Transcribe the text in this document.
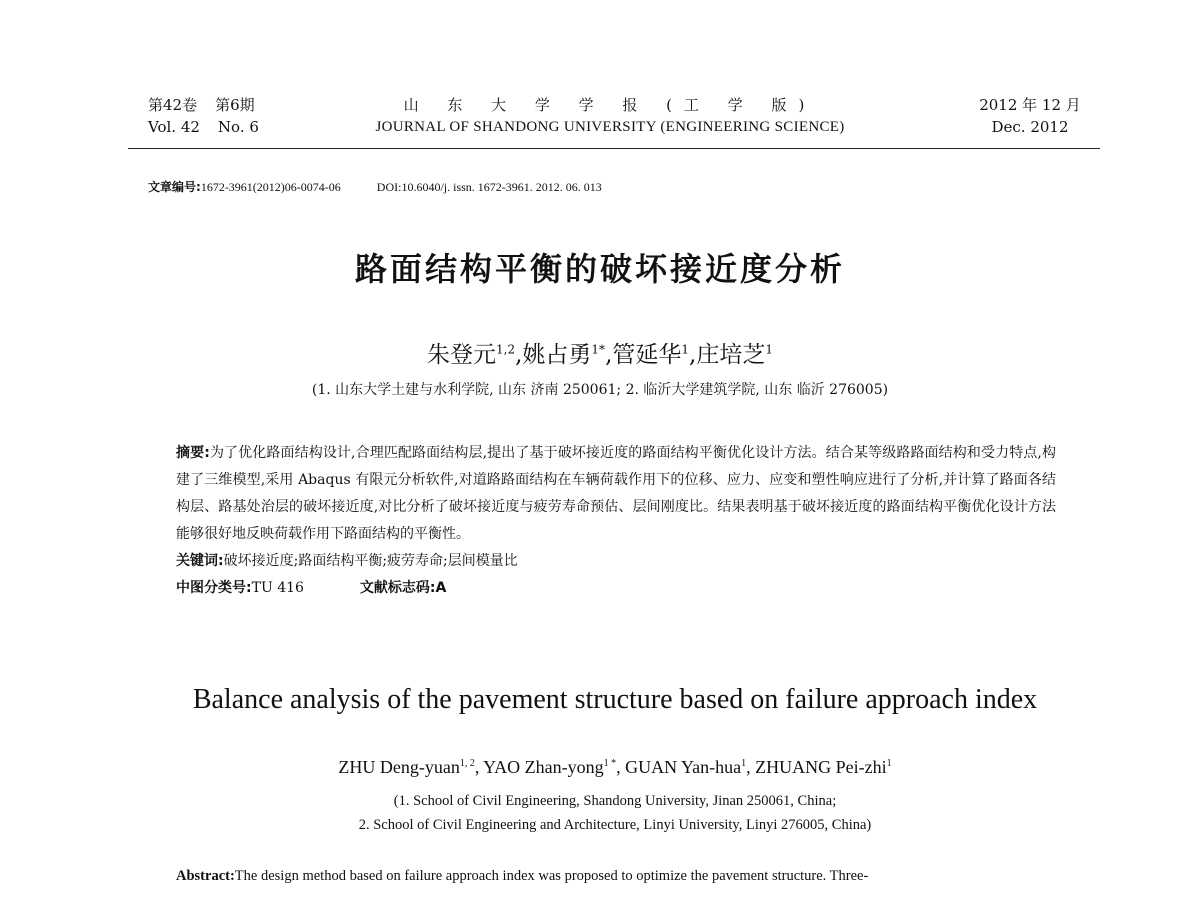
第42卷 第6期
Vol. 42 No. 6
山 东 大 学 学 报 (工 学 版)
JOURNAL OF SHANDONG UNIVERSITY (ENGINEERING SCIENCE)
2012 年 12 月
Dec. 2012
文章编号:1672-3961(2012)06-0074-06	DOI:10.6040/j. issn. 1672-3961. 2012. 06. 013
路面结构平衡的破坏接近度分析
朱登元$^{1,2}$,姚占勇$^{1*}$,管延华$^1$,庄培芝$^1$
(1. 山东大学土建与水利学院, 山东 济南 250061; 2. 临沂大学建筑学院, 山东 临沂 276005)

摘要:为了优化路面结构设计,合理匹配路面结构层,提出了基于破坏接近度的路面结构平衡优化设计方法。结合某等级路路面结构和受力特点,构建了三维模型,采用 Abaqus 有限元分析软件,对道路路面结构在车辆荷载作用下的位移、应力、应变和塑性响应进行了分析,并计算了路面各结构层、路基处治层的破坏接近度,对比分析了破坏接近度与疲劳寿命预估、层间刚度比。结果表明基于破坏接近度的路面结构平衡优化设计方法能够很好地反映荷载作用下路面结构的平衡性。

关键词:破坏接近度;路面结构平衡;疲劳寿命;层间模量比

中图分类号:TU 416	文献标志码:A

Balance analysis of the pavement structure based on failure approach index
ZHU Deng-yuan$^{1, 2}$, YAO Zhan-yong$^{1 *}$, GUAN Yan-hua$^1$, ZHUANG Pei-zhi$^1$
(1. School of Civil Engineering, Shandong University, Jinan 250061, China;
2. School of Civil Engineering and Architecture, Linyi University, Linyi 276005, China)
Abstract:The design method based on failure approach index was proposed to optimize the pavement structure. Three-
